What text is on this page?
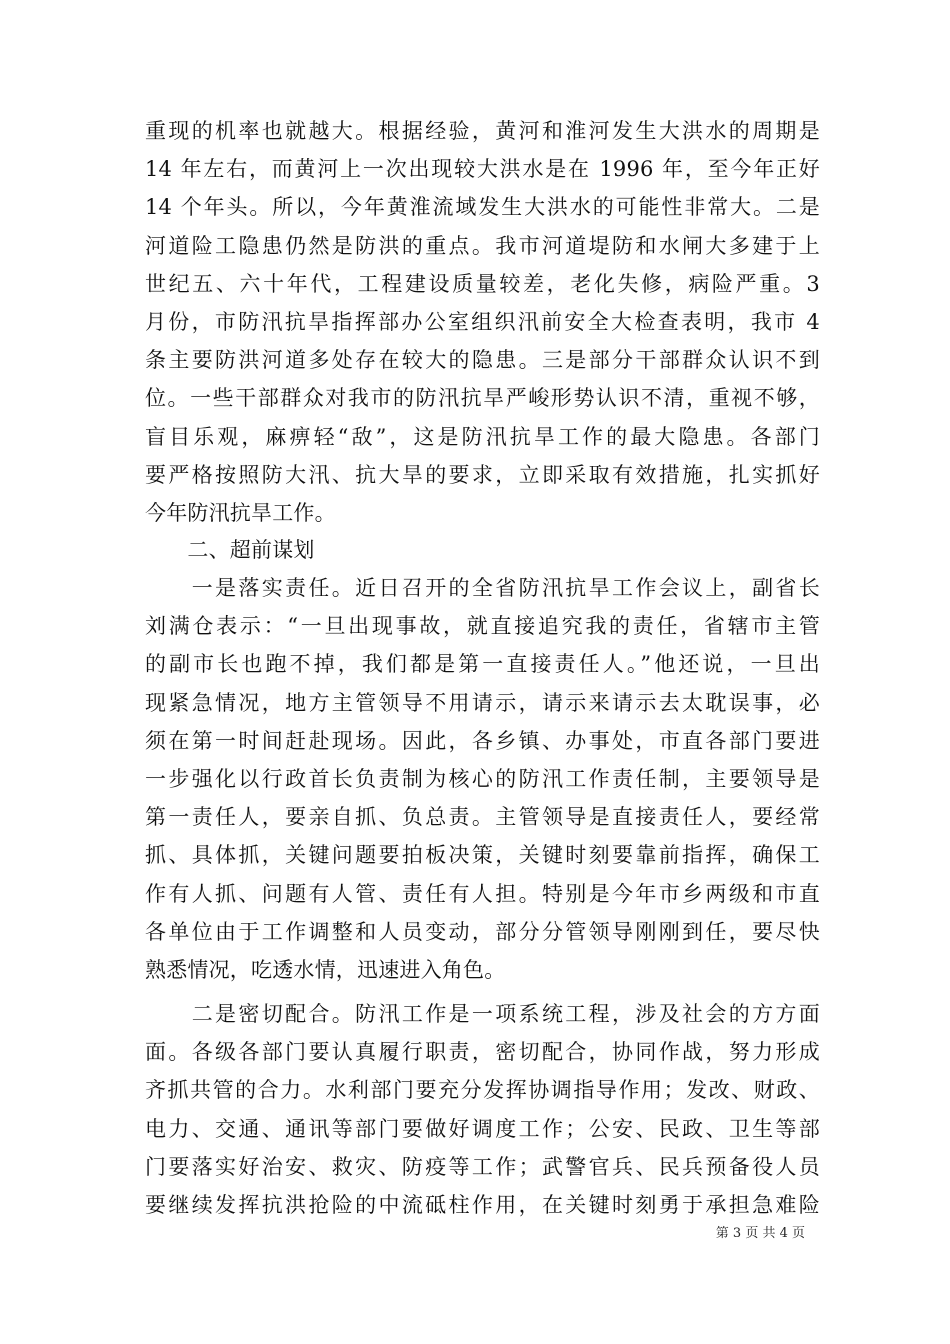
重现的机率也就越大。根据经验，黄河和淮河发生大洪水的周期是
14 年左右，而黄河上一次出现较大洪水是在 1996 年，至今年正好
14 个年头。所以，今年黄淮流域发生大洪水的可能性非常大。二是
河道险工隐患仍然是防洪的重点。我市河道堤防和水闸大多建于上
世纪五、六十年代，工程建设质量较差，老化失修，病险严重。3
月份，市防汛抗旱指挥部办公室组织汛前安全大检查表明，我市 4
条主要防洪河道多处存在较大的隐患。三是部分干部群众认识不到
位。一些干部群众对我市的防汛抗旱严峻形势认识不清，重视不够，
盲目乐观，麻痹轻“敌”，这是防汛抗旱工作的最大隐患。各部门
要严格按照防大汛、抗大旱的要求，立即采取有效措施，扎实抓好
今年防汛抗旱工作。
　　二、超前谋划
　　一是落实责任。近日召开的全省防汛抗旱工作会议上，副省长
刘满仓表示：“一旦出现事故，就直接追究我的责任，省辖市主管
的副市长也跑不掉，我们都是第一直接责任人。”他还说，一旦出
现紧急情况，地方主管领导不用请示，请示来请示去太耽误事，必
须在第一时间赶赴现场。因此，各乡镇、办事处，市直各部门要进
一步强化以行政首长负责制为核心的防汛工作责任制，主要领导是
第一责任人，要亲自抓、负总责。主管领导是直接责任人，要经常
抓、具体抓，关键问题要拍板决策，关键时刻要靠前指挥，确保工
作有人抓、问题有人管、责任有人担。特别是今年市乡两级和市直
各单位由于工作调整和人员变动，部分分管领导刚刚到任，要尽快
熟悉情况，吃透水情，迅速进入角色。
　　二是密切配合。防汛工作是一项系统工程，涉及社会的方方面
面。各级各部门要认真履行职责，密切配合，协同作战，努力形成
齐抓共管的合力。水利部门要充分发挥协调指导作用；发改、财政、
电力、交通、通讯等部门要做好调度工作；公安、民政、卫生等部
门要落实好治安、救灾、防疫等工作；武警官兵、民兵预备役人员
要继续发挥抗洪抢险的中流砥柱作用，在关键时刻勇于承担急难险
第 3 页 共 4 页
